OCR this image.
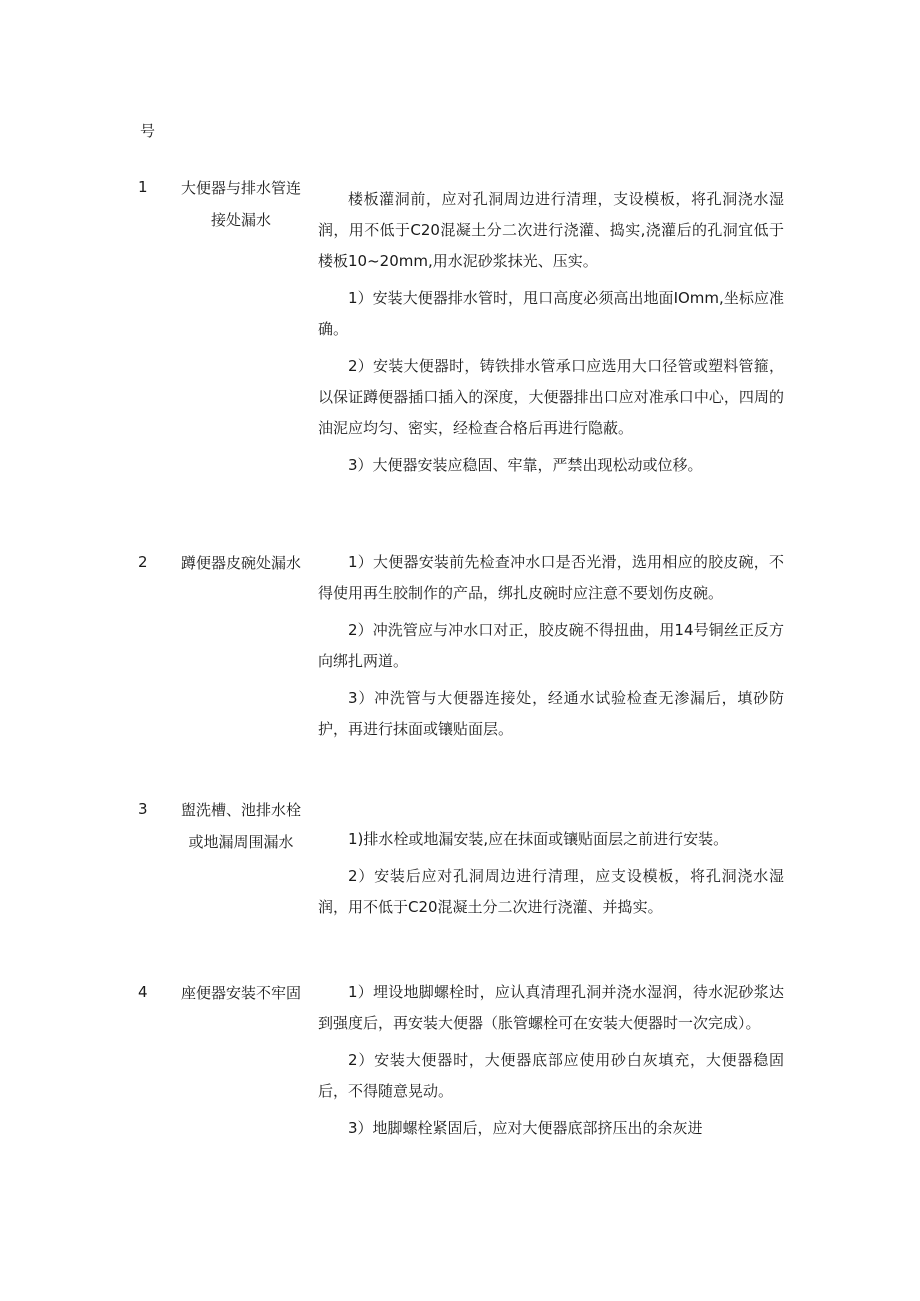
号
1	大便器与排水管连接处漏水

楼板灌洞前，应对孔洞周边进行清理，支设模板，将孔洞浇水湿润，用不低于C20混凝土分二次进行浇灌、捣实,浇灌后的孔洞宜低于楼板10~20mm,用水泥砂浆抹光、压实。

1）安装大便器排水管时，甩口高度必须高出地面IOmm,坐标应准确。

2）安装大便器时，铸铁排水管承口应选用大口径管或塑料管箍，以保证蹲便器插口插入的深度，大便器排出口应对准承口中心，四周的油泥应均匀、密实，经检查合格后再进行隐蔽。

3）大便器安装应稳固、牢靠，严禁出现松动或位移。

2	蹲便器皮碗处漏水	1）大便器安装前先检查冲水口是否光滑，选用相应的胶皮碗，不得使用再生胶制作的产品，绑扎皮碗时应注意不要划伤皮碗。

2）冲洗管应与冲水口对正，胶皮碗不得扭曲，用14号铜丝正反方向绑扎两道。

3）冲洗管与大便器连接处，经通水试验检查无渗漏后，填砂防护，再进行抹面或镶贴面层。

3	盥洗槽、池排水栓或地漏周围漏水	1)排水栓或地漏安装,应在抹面或镶贴面层之前进行安装。

2）安装后应对孔洞周边进行清理，应支设模板，将孔洞浇水湿润，用不低于C20混凝土分二次进行浇灌、并捣实。

4	座便器安装不牢固	1）埋设地脚螺栓时，应认真清理孔洞并浇水湿润，待水泥砂浆达到强度后，再安装大便器（胀管螺栓可在安装大便器时一次完成）。

2）安装大便器时，大便器底部应使用砂白灰填充，大便器稳固后，不得随意晃动。

3）地脚螺栓紧固后，应对大便器底部挤压出的余灰进
